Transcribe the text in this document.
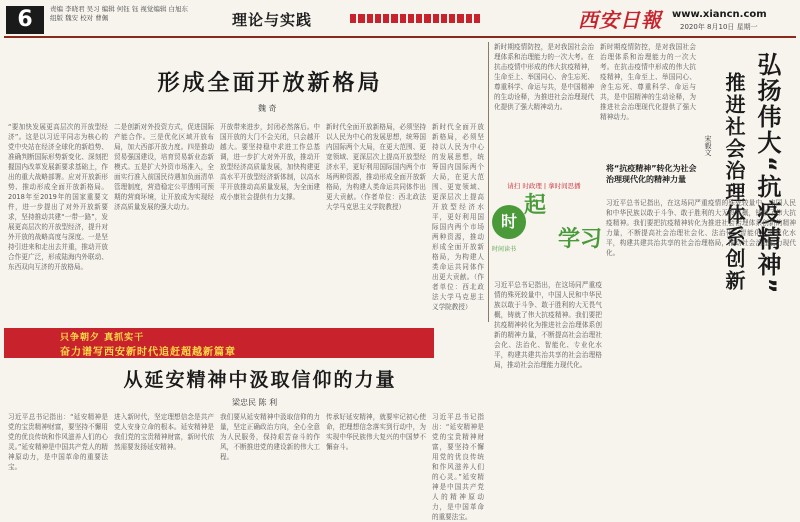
6	责编 李晓君 吴习 编辑 何钰 钰 视觉编辑 白旭东
组版 魏安 校对 曹佩	理论与实践	西安日報 www.xiancn.com
2020年 8月10日 星期一
形成全面开放新格局
魏 奇
“要加快发展更高层次的开放型经济”。这是以习近平同志为核心的党中央站在经济全球化的新趋势、准确判断国际形势新变化、深刻把握国内改革发展新要求基础上，作出的重大战略部署。应对开放新形势、推动形成全面开放新格局。2018年至2019年的国家重要文件，进一步提出了对外开放新要求，坚持推动共建“一带一路”，发展更高层次的开放型经济，提升对外开放的战略高度与深度。一是坚持引进来和走出去并重，推动开放合作更广泛，形成陆海内外联动、东西双向互济的开放格局。
二是创新对外投资方式，促进国际产能合作。三是优化区域开放布局，加大西部开放力度。四是推动贸易强国建设，培育贸易新业态新模式。五是扩大外资市场准入，全面实行准入前国民待遇加负面清单管理制度，营造稳定公平透明可预期的营商环境，让开放成为实现经济高质量发展的强大动力。
开放带来进步，封闭必然落后。中国开放的大门不会关闭，只会越开越大。要坚持稳中求进工作总基调，进一步扩大对外开放，推动开放型经济高质量发展，加快构建更高水平开放型经济新体制，以高水平开放推动高质量发展，为全面建成小康社会提供有力支撑。
新时代全面开放新格局，必须坚持以人民为中心的发展思想，统筹国内国际两个大局，在更大范围、更宽领域、更深层次上提高开放型经济水平，更好利用国际国内两个市场两种资源，推动形成全面开放新格局，为构建人类命运共同体作出更大贡献。（作者单位：西北政法大学马克思主义学院教授）
新时代全面开放新格局，必须坚持以人民为中心的发展思想，统筹国内国际两个大局，在更大范围、更宽领域、更深层次上提高开放型经济水平，更好利用国际国内两个市场两种资源，推动形成全面开放新格局，为构建人类命运共同体作出更大贡献。（作者单位：西北政法大学马克思主义学院教授）
新时期疫情防控，是对我国社会治理体系和治理能力的一次大考。在抗击疫情中形成的伟大抗疫精神，生命至上、举国同心、舍生忘死、尊重科学、命运与共，是中国精神的生动诠释，为推进社会治理现代化提供了强大精神动力。
新时期疫情防控，是对我国社会治理体系和治理能力的一次大考。在抗击疫情中形成的伟大抗疫精神，生命至上、举国同心、舍生忘死、尊重科学、命运与共，是中国精神的生动诠释，为推进社会治理现代化提供了强大精神动力。	弘扬伟大“抗疫精神”
推进社会治理体系创新
宋毅文
将“抗疫精神”转化为社会治理现代化的精神力量
请扫 时政理 | 拿时间思播
时
起
学习
时间读书
习近平总书记指出，在这场同严重疫情的殊死较量中，中国人民和中华民族以敢于斗争、敢于胜利的大无畏气概，铸就了伟大抗疫精神。我们要把抗疫精神转化为推进社会治理体系创新的精神力量，不断提高社会治理社会化、法治化、智能化、专业化水平，构建共建共治共享的社会治理格局，推动社会治理能力现代化。
习近平总书记指出，在这场同严重疫情的殊死较量中，中国人民和中华民族以敢于斗争、敢于胜利的大无畏气概，铸就了伟大抗疫精神。我们要把抗疫精神转化为推进社会治理体系创新的精神力量，不断提高社会治理社会化、法治化、智能化、专业化水平，构建共建共治共享的社会治理格局，推动社会治理能力现代化。
只争朝夕 真抓实干
奋力谱写西安新时代追赶超越新篇章
从延安精神中汲取信仰的力量
梁忠民 陈 利
习近平总书记指出：“延安精神是党的宝贵精神财富，要坚持不懈用党的优良传统和作风滋养人们的心灵。”延安精神是中国共产党人的精神原动力，是中国革命的重要法宝。
进入新时代，坚定理想信念是共产党人安身立命的根本。延安精神是我们党的宝贵精神财富，新时代依然需要发扬延安精神。
我们要从延安精神中汲取信仰的力量，坚定正确政治方向，全心全意为人民服务，保持艰苦奋斗的作风，不断推进党的建设新的伟大工程。
传承好延安精神，就要牢记初心使命，把理想信念落实到行动中，为实现中华民族伟大复兴的中国梦不懈奋斗。
习近平总书记指出：“延安精神是党的宝贵精神财富，要坚持不懈用党的优良传统和作风滋养人们的心灵。”延安精神是中国共产党人的精神原动力，是中国革命的重要法宝。
